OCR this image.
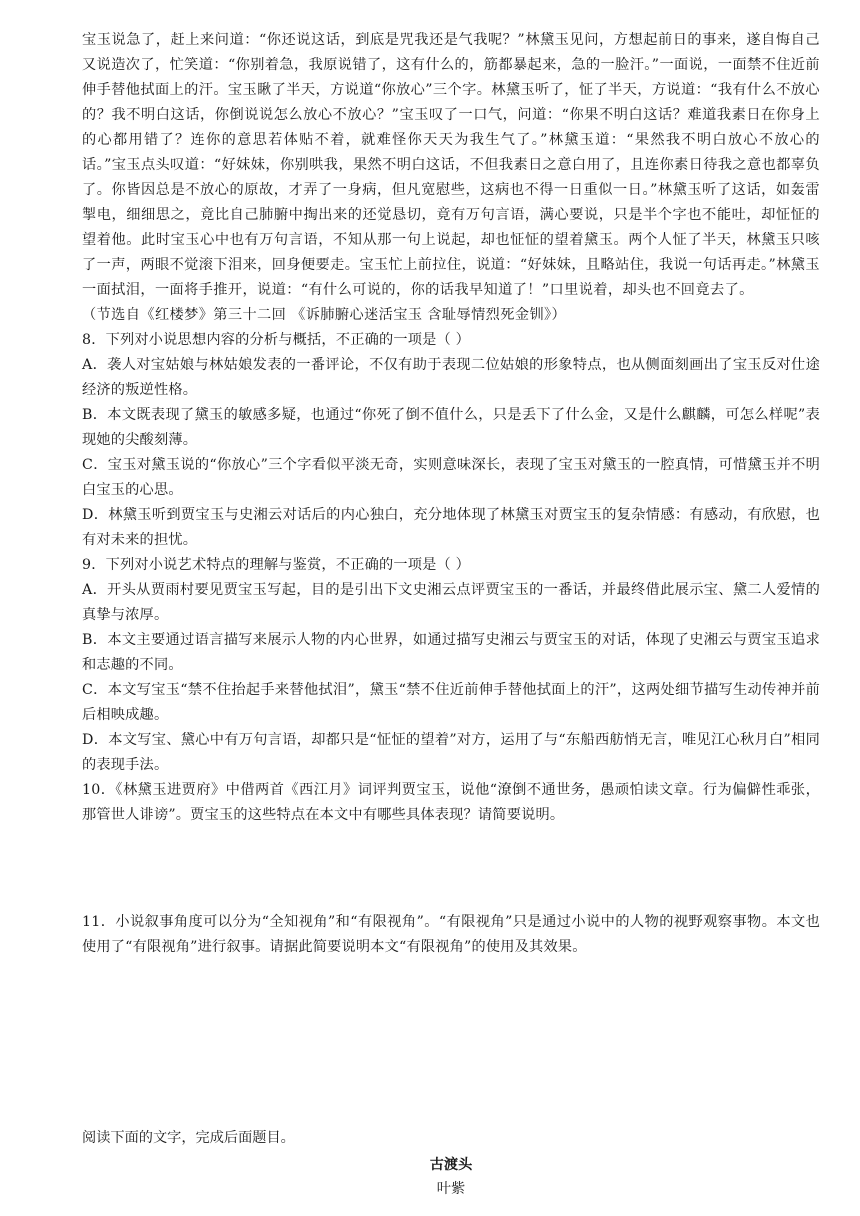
宝玉说急了，赶上来问道：“你还说这话，到底是咒我还是气我呢？”林黛玉见问，方想起前日的事来，遂自悔自己又说造次了，忙笑道：“你别着急，我原说错了，这有什么的，筋都暴起来，急的一脸汗。”一面说，一面禁不住近前伸手替他拭面上的汗。宝玉瞅了半天，方说道“你放心”三个字。林黛玉听了，怔了半天，方说道：“我有什么不放心的？我不明白这话，你倒说说怎么放心不放心？”宝玉叹了一口气，问道：“你果不明白这话？难道我素日在你身上的心都用错了？连你的意思若体贴不着，就难怪你天天为我生气了。”林黛玉道：“果然我不明白放心不放心的话。”宝玉点头叹道：“好妹妹，你别哄我，果然不明白这话，不但我素日之意白用了，且连你素日待我之意也都辜负了。你皆因总是不放心的原故，才弄了一身病，但凡宽慰些，这病也不得一日重似一日。”林黛玉听了这话，如轰雷掣电，细细思之，竟比自己肺腑中掏出来的还觉恳切，竟有万句言语，满心要说，只是半个字也不能吐，却怔怔的望着他。此时宝玉心中也有万句言语，不知从那一句上说起，却也怔怔的望着黛玉。两个人怔了半天，林黛玉只咳了一声，两眼不觉滚下泪来，回身便要走。宝玉忙上前拉住，说道：“好妹妹，且略站住，我说一句话再走。”林黛玉一面拭泪，一面将手推开，说道：“有什么可说的，你的话我早知道了！”口里说着，却头也不回竟去了。

（节选自《红楼梦》第三十二回 《诉肺腑心迷活宝玉 含耻辱情烈死金钏》）

8．下列对小说思想内容的分析与概括，不正确的一项是（ ）

A．袭人对宝姑娘与林姑娘发表的一番评论，不仅有助于表现二位姑娘的形象特点，也从侧面刻画出了宝玉反对仕途经济的叛逆性格。

B．本文既表现了黛玉的敏感多疑，也通过“你死了倒不值什么，只是丢下了什么金，又是什么麒麟，可怎么样呢”表现她的尖酸刻薄。

C．宝玉对黛玉说的“你放心”三个字看似平淡无奇，实则意味深长，表现了宝玉对黛玉的一腔真情，可惜黛玉并不明白宝玉的心思。

D．林黛玉听到贾宝玉与史湘云对话后的内心独白，充分地体现了林黛玉对贾宝玉的复杂情感：有感动，有欣慰，也有对未来的担忧。

9．下列对小说艺术特点的理解与鉴赏，不正确的一项是（ ）

A．开头从贾雨村要见贾宝玉写起，目的是引出下文史湘云点评贾宝玉的一番话，并最终借此展示宝、黛二人爱情的真挚与浓厚。

B．本文主要通过语言描写来展示人物的内心世界，如通过描写史湘云与贾宝玉的对话，体现了史湘云与贾宝玉追求和志趣的不同。

C．本文写宝玉“禁不住抬起手来替他拭泪”，黛玉“禁不住近前伸手替他拭面上的汗”，这两处细节描写生动传神并前后相映成趣。

D．本文写宝、黛心中有万句言语，却都只是“怔怔的望着”对方，运用了与“东船西舫悄无言，唯见江心秋月白”相同的表现手法。

10．《林黛玉进贾府》中借两首《西江月》词评判贾宝玉，说他“潦倒不通世务，愚顽怕读文章。行为偏僻性乖张，那管世人诽谤”。贾宝玉的这些特点在本文中有哪些具体表现？请简要说明。

11．小说叙事角度可以分为“全知视角”和“有限视角”。“有限视角”只是通过小说中的人物的视野观察事物。本文也使用了“有限视角”进行叙事。请据此简要说明本文“有限视角”的使用及其效果。

阅读下面的文字，完成后面题目。

古渡头

叶紫
